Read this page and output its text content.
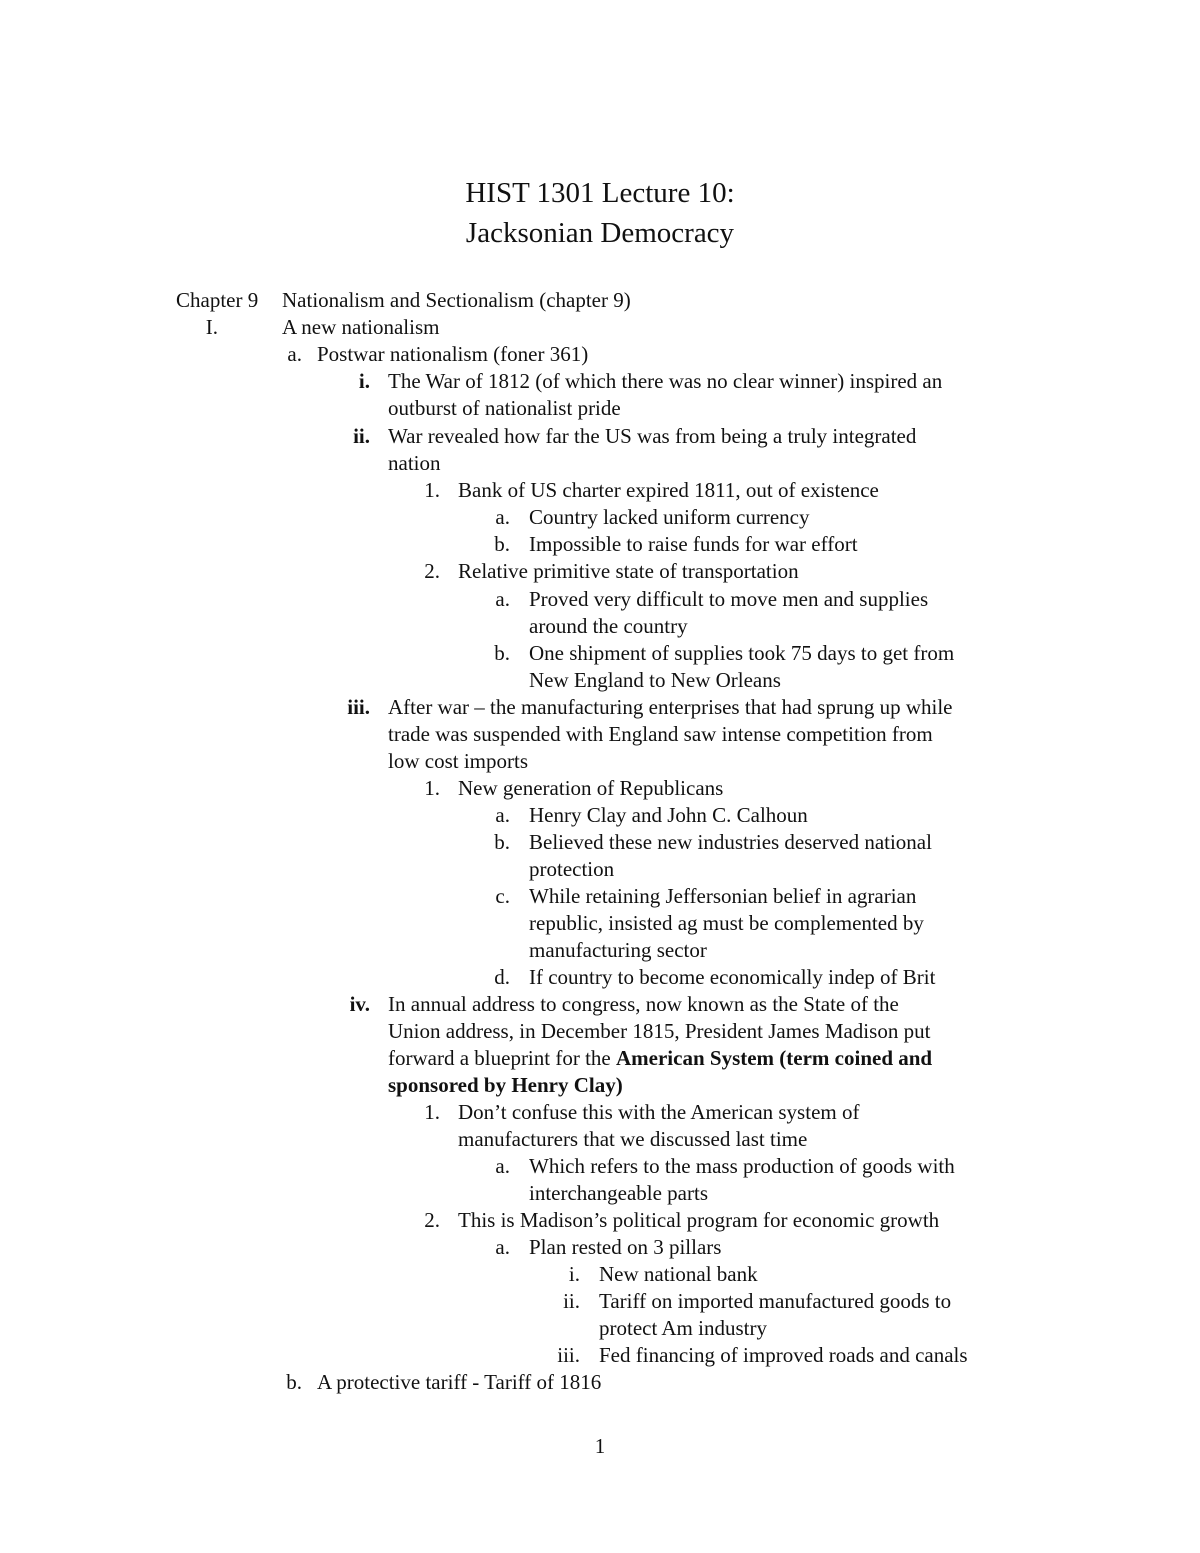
HIST 1301 Lecture 10:
Jacksonian Democracy
Chapter 9 Nationalism and Sectionalism (chapter 9)
I.	A new nationalism
a. Postwar nationalism (foner 361)
i. The War of 1812 (of which there was no clear winner) inspired an
outburst of nationalist pride
ii. War revealed how far the US was from being a truly integrated
nation
1. Bank of US charter expired 1811, out of existence
a. Country lacked uniform currency
b. Impossible to raise funds for war effort
2. Relative primitive state of transportation
a. Proved very difficult to move men and supplies
around the country
b. One shipment of supplies took 75 days to get from
New England to New Orleans
iii. After war – the manufacturing enterprises that had sprung up while
trade was suspended with England saw intense competition from
low cost imports
1. New generation of Republicans
a. Henry Clay and John C. Calhoun
b. Believed these new industries deserved national
protection
c. While retaining Jeffersonian belief in agrarian
republic, insisted ag must be complemented by
manufacturing sector
d. If country to become economically indep of Brit
iv. In annual address to congress, now known as the State of the
Union address, in December 1815, President James Madison put
forward a blueprint for the American System (term coined and
sponsored by Henry Clay)
1. Don’t confuse this with the American system of
manufacturers that we discussed last time
a. Which refers to the mass production of goods with
interchangeable parts
2. This is Madison’s political program for economic growth
a. Plan rested on 3 pillars
i. New national bank
ii. Tariff on imported manufactured goods to
protect Am industry
iii. Fed financing of improved roads and canals
b. A protective tariff - Tariff of 1816
1
